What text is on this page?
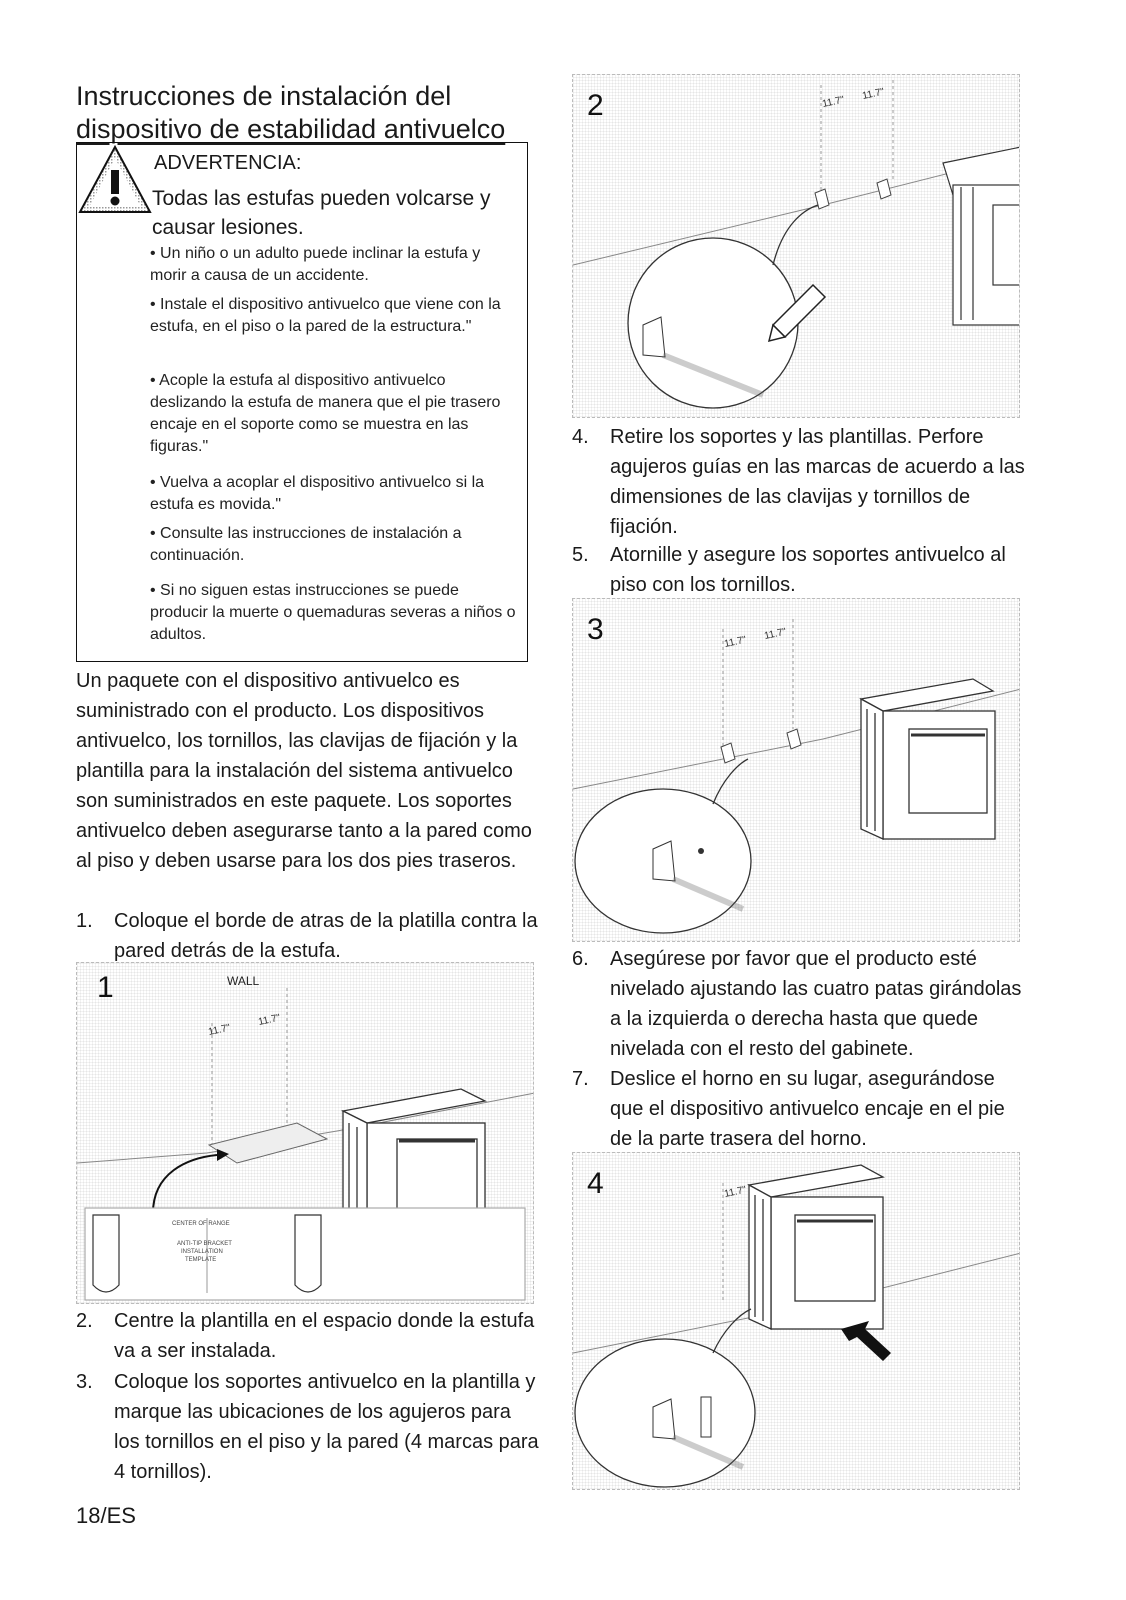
Instrucciones de instalación del
dispositivo de estabilidad antivuelco
ADVERTENCIA:
Todas las estufas pueden volcarse y causar lesiones.
• Un niño o un adulto puede inclinar la estufa y morir a causa de un accidente.
• Instale el dispositivo antivuelco que viene con la estufa, en el piso o la pared de la estructura."
• Acople la estufa al dispositivo antivuelco deslizando la estufa de manera que el pie trasero encaje en el soporte como se muestra en las figuras."
• Vuelva a acoplar el dispositivo antivuelco si la estufa es movida."
• Consulte las instrucciones de instalación a continuación.
• Si no siguen estas instrucciones se puede producir la muerte o quemaduras severas a niños o adultos.
Un paquete con el dispositivo antivuelco es suministrado con el producto. Los dispositivos antivuelco, los tornillos, las clavijas de fijación y la plantilla para la instalación del sistema antivuelco son suministrados en este paquete. Los soportes antivuelco deben asegurarse tanto a la pared como al piso y deben usarse para los dos pies traseros.
1. Coloque el borde de atras de la platilla contra la pared detrás de la estufa.
1	WALL
11.7"
11.7"
CENTER OF RANGE
ANTI-TIP BRACKET
INSTALLATION
TEMPLATE
2. Centre la plantilla en el espacio donde la estufa va a ser instalada.
3. Coloque los soportes antivuelco en la plantilla y marque las ubicaciones de los agujeros para los tornillos en el piso y la pared (4 marcas para 4 tornillos).
18/ES
2	11.7"
11.7"
4. Retire los soportes y las plantillas. Perfore agujeros guías en las marcas de acuerdo a las dimensiones de las clavijas y tornillos de fijación.
5. Atornille y asegure los soportes antivuelco al piso con los tornillos.
3	11.7"
11.7"
6. Asegúrese por favor que el producto esté nivelado ajustando las cuatro patas girándolas a la izquierda o derecha hasta que quede nivelada con el resto del gabinete.
7. Deslice el horno en su lugar, asegurándose que el dispositivo antivuelco encaje en el pie de la parte trasera del horno.
4	11.7"
